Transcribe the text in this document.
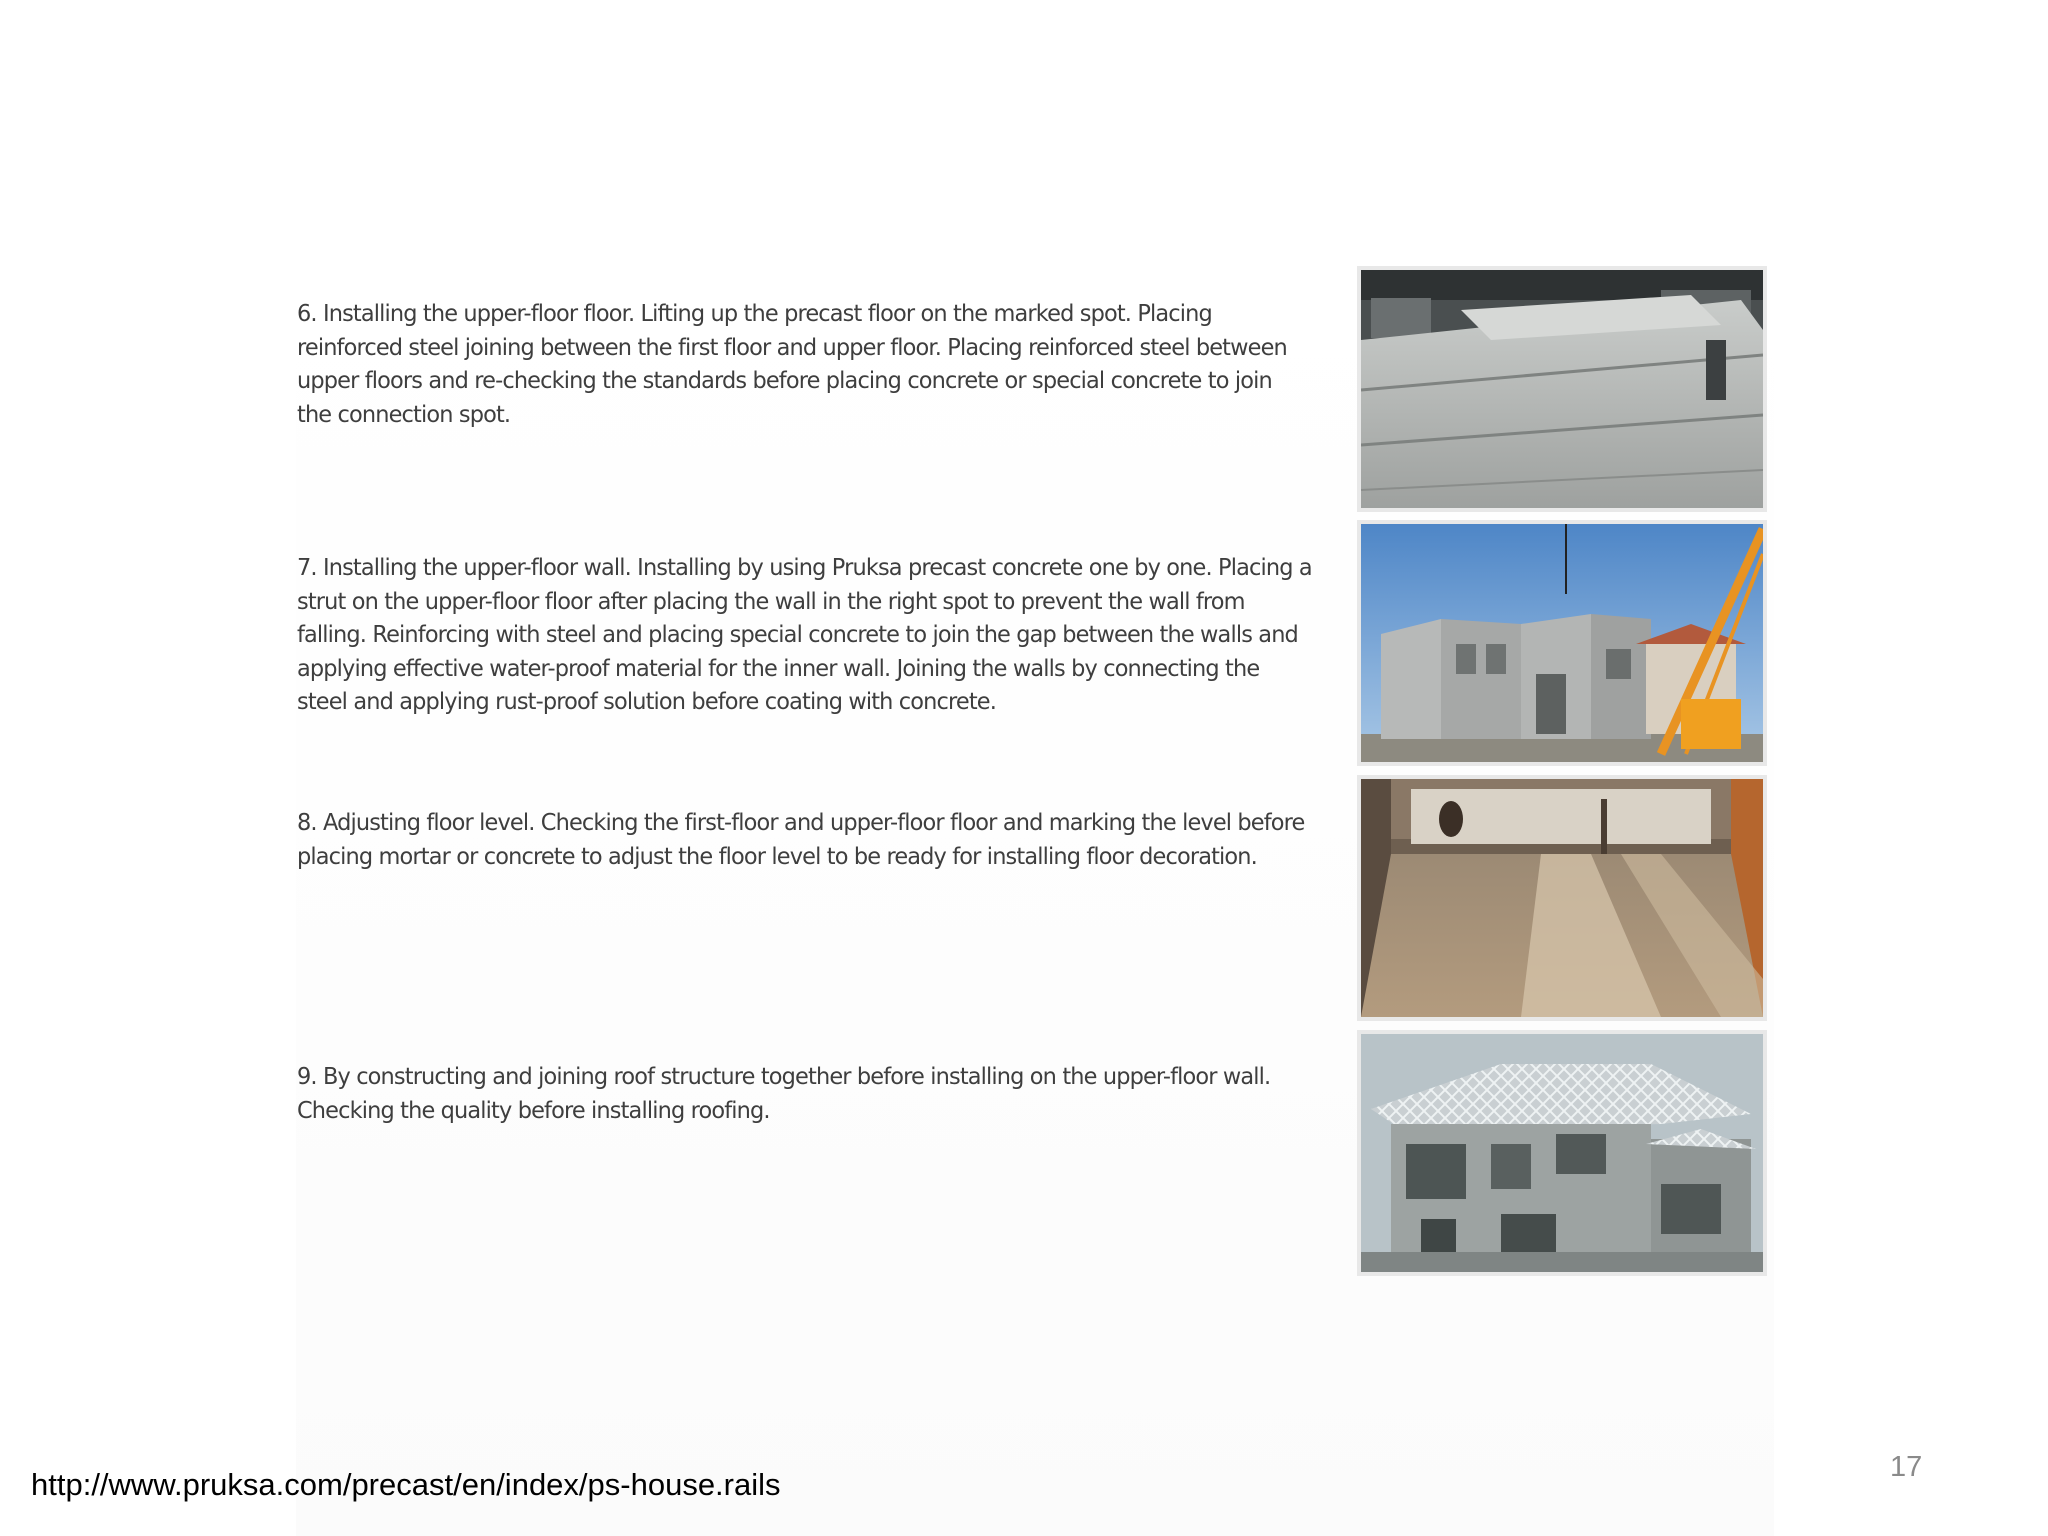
6. Installing the upper-floor floor. Lifting up the precast floor on the marked spot. Placing reinforced steel joining between the first floor and upper floor. Placing reinforced steel between upper floors and re-checking the standards before placing concrete or special concrete to join the connection spot.
7. Installing the upper-floor wall. Installing by using Pruksa precast concrete one by one. Placing a strut on the upper-floor floor after placing the wall in the right spot to prevent the wall from falling. Reinforcing with steel and placing special concrete to join the gap between the walls and applying effective water-proof material for the inner wall. Joining the walls by connecting the steel and applying rust-proof solution before coating with concrete.
8. Adjusting floor level. Checking the first-floor and upper-floor floor and marking the level before placing mortar or concrete to adjust the floor level to be ready for installing floor decoration.
9. By constructing and joining roof structure together before installing on the upper-floor wall. Checking the quality before installing roofing.
http://www.pruksa.com/precast/en/index/ps-house.rails	17
